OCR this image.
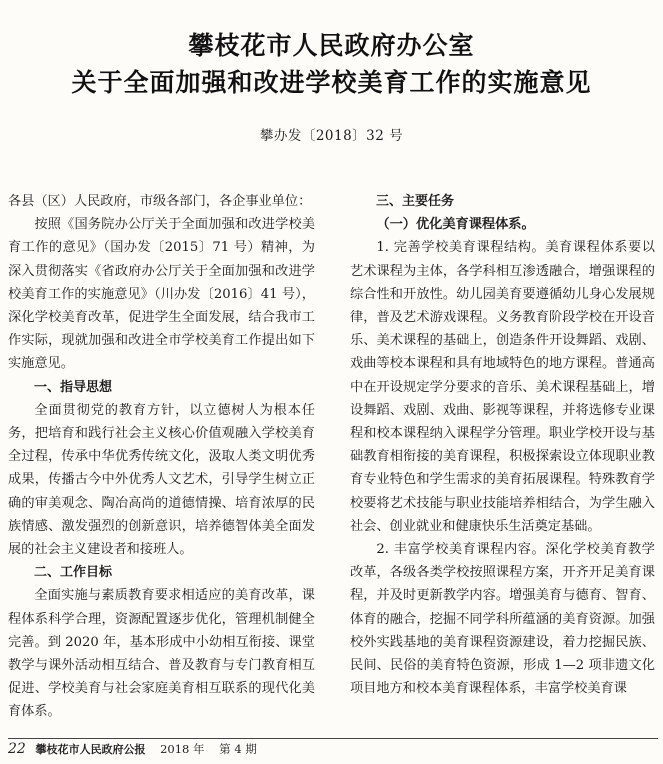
攀枝花市人民政府办公室
关于全面加强和改进学校美育工作的实施意见
攀办发〔2018〕32 号

各县（区）人民政府，市级各部门，各企事业单位：

按照《国务院办公厅关于全面加强和改进学校美育工作的意见》（国办发〔2015〕71 号）精神，为深入贯彻落实《省政府办公厅关于全面加强和改进学校美育工作的实施意见》（川办发〔2016〕41 号），深化学校美育改革，促进学生全面发展，结合我市工作实际，现就加强和改进全市学校美育工作提出如下实施意见。

一、指导思想

全面贯彻党的教育方针，以立德树人为根本任务，把培育和践行社会主义核心价值观融入学校美育全过程，传承中华优秀传统文化，汲取人类文明优秀成果，传播古今中外优秀人文艺术，引导学生树立正确的审美观念、陶冶高尚的道德情操、培育浓厚的民族情感、激发强烈的创新意识，培养德智体美全面发展的社会主义建设者和接班人。

二、工作目标

全面实施与素质教育要求相适应的美育改革，课程体系科学合理，资源配置逐步优化，管理机制健全完善。到 2020 年，基本形成中小幼相互衔接、课堂教学与课外活动相互结合、普及教育与专门教育相互促进、学校美育与社会家庭美育相互联系的现代化美育体系。

三、主要任务

（一）优化美育课程体系。

1. 完善学校美育课程结构。美育课程体系要以艺术课程为主体，各学科相互渗透融合，增强课程的综合性和开放性。幼儿园美育要遵循幼儿身心发展规律，普及艺术游戏课程。义务教育阶段学校在开设音乐、美术课程的基础上，创造条件开设舞蹈、戏剧、戏曲等校本课程和具有地域特色的地方课程。普通高中在开设规定学分要求的音乐、美术课程基础上，增设舞蹈、戏剧、戏曲、影视等课程，并将选修专业课程和校本课程纳入课程学分管理。职业学校开设与基础教育相衔接的美育课程，积极探索设立体现职业教育专业特色和学生需求的美育拓展课程。特殊教育学校要将艺术技能与职业技能培养相结合，为学生融入社会、创业就业和健康快乐生活奠定基础。

2. 丰富学校美育课程内容。深化学校美育教学改革，各级各类学校按照课程方案，开齐开足美育课程，并及时更新教学内容。增强美育与德育、智育、体育的融合，挖掘不同学科所蕴涵的美育资源。加强校外实践基地的美育课程资源建设，着力挖掘民族、民间、民俗的美育特色资源，形成 1—2 项非遗文化项目地方和校本美育课程体系，丰富学校美育课

22 攀枝花市人民政府公报 2018 年 第 4 期
